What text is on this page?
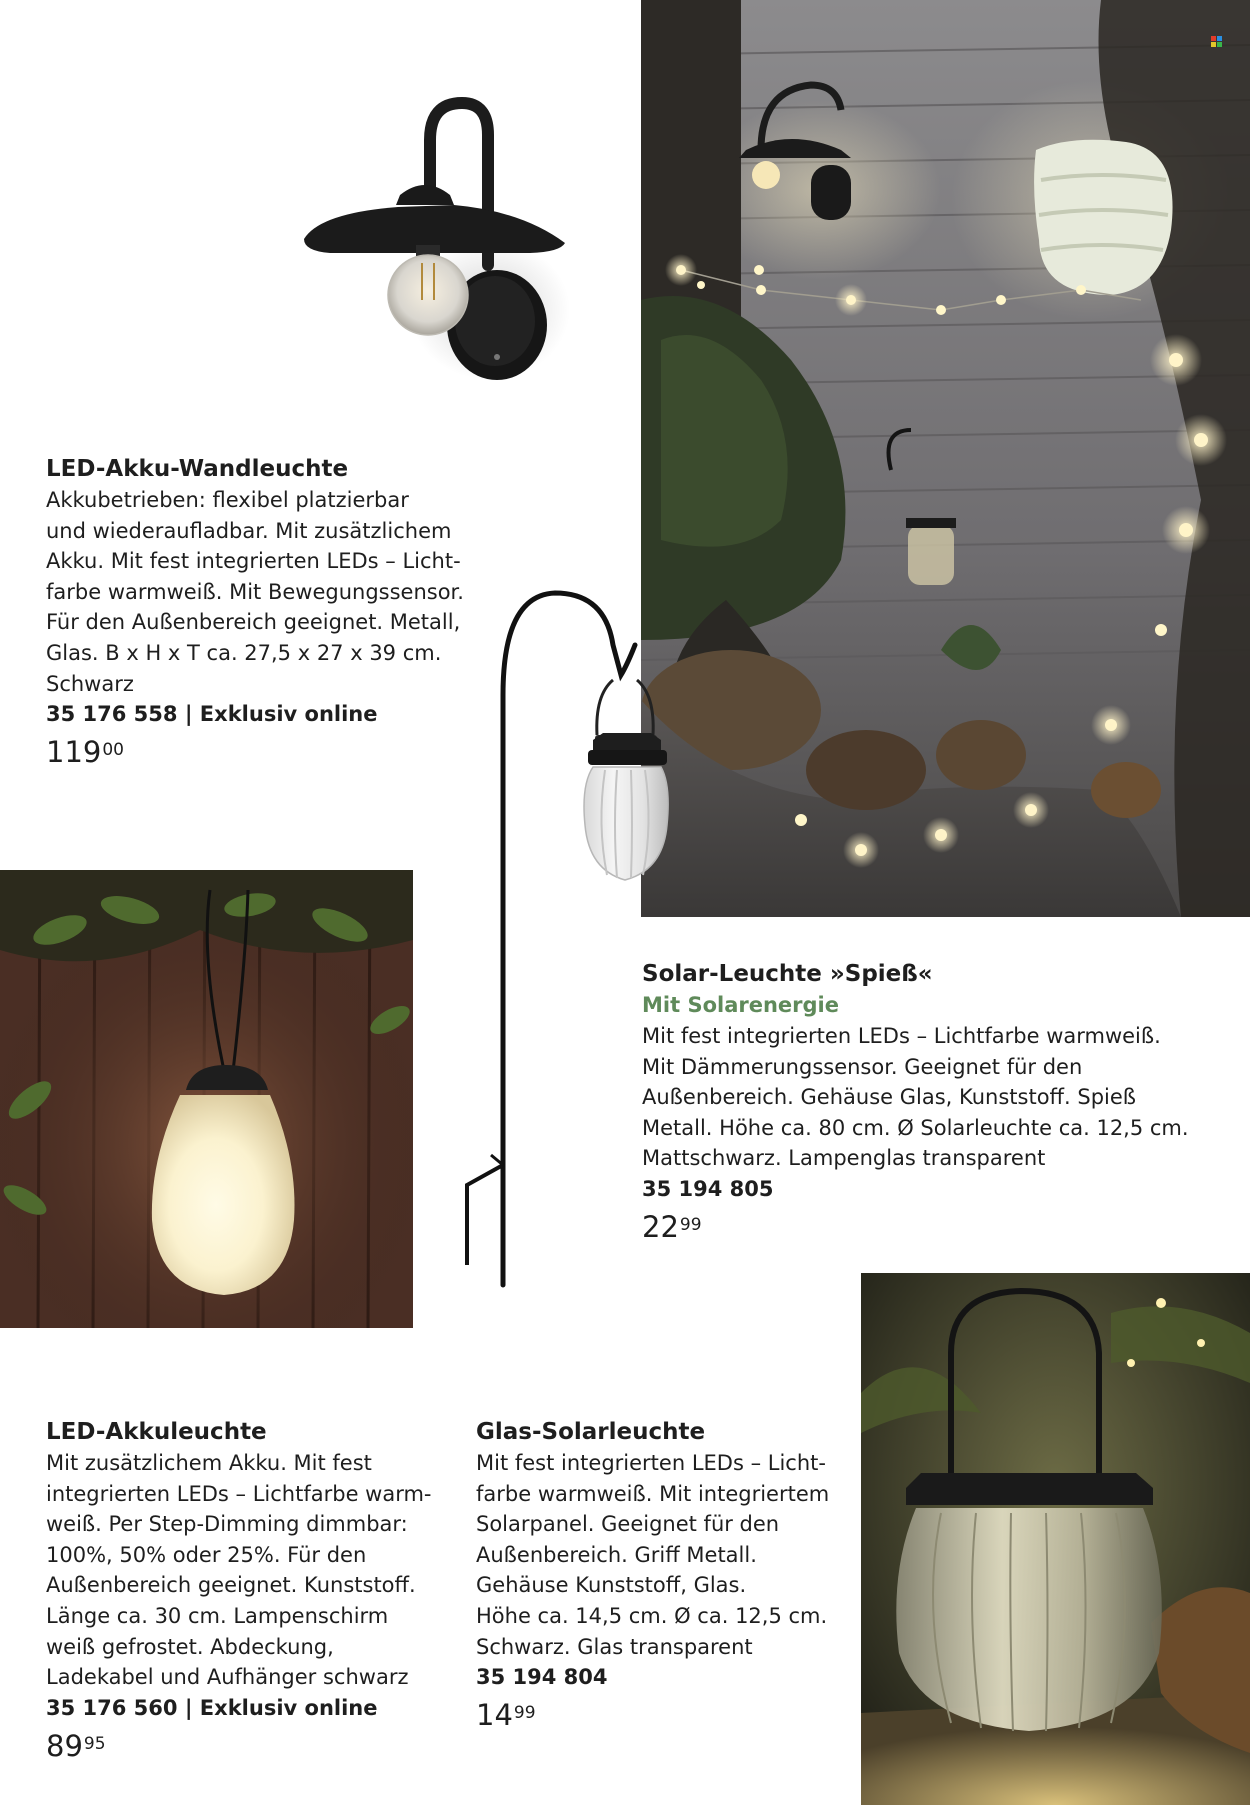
LED-Akku-Wandleuchte

Akkubetrieben: flexibel platzierbar
und wiederaufladbar. Mit zusätzlichem
Akku. Mit fest integrierten LEDs – Licht-
farbe warmweiß. Mit Bewegungssensor.
Für den Außenbereich geeignet. Metall,
Glas. B x H x T ca. 27,5 x 27 x 39 cm.
Schwarz

35 176 558 | Exklusiv online
$119^{00}$
Solar-Leuchte »Spieß«
Mit Solarenergie

Mit fest integrierten LEDs – Lichtfarbe warmweiß.
Mit Dämmerungssensor. Geeignet für den
Außenbereich. Gehäuse Glas, Kunststoff. Spieß
Metall. Höhe ca. 80 cm. Ø Solarleuchte ca. 12,5 cm.
Mattschwarz. Lampenglas transparent

35 194 805
$22^{99}$
LED-Akkuleuchte

Mit zusätzlichem Akku. Mit fest
integrierten LEDs – Lichtfarbe warm-
weiß. Per Step-Dimming dimmbar:
100%, 50% oder 25%. Für den
Außenbereich geeignet. Kunststoff.
Länge ca. 30 cm. Lampenschirm
weiß gefrostet. Abdeckung,
Ladekabel und Aufhänger schwarz

35 176 560 | Exklusiv online
$89^{95}$
Glas-Solarleuchte

Mit fest integrierten LEDs – Licht-
farbe warmweiß. Mit integriertem
Solarpanel. Geeignet für den
Außenbereich. Griff Metall.
Gehäuse Kunststoff, Glas.
Höhe ca. 14,5 cm. Ø ca. 12,5 cm.
Schwarz. Glas transparent

35 194 804
$14^{99}$
